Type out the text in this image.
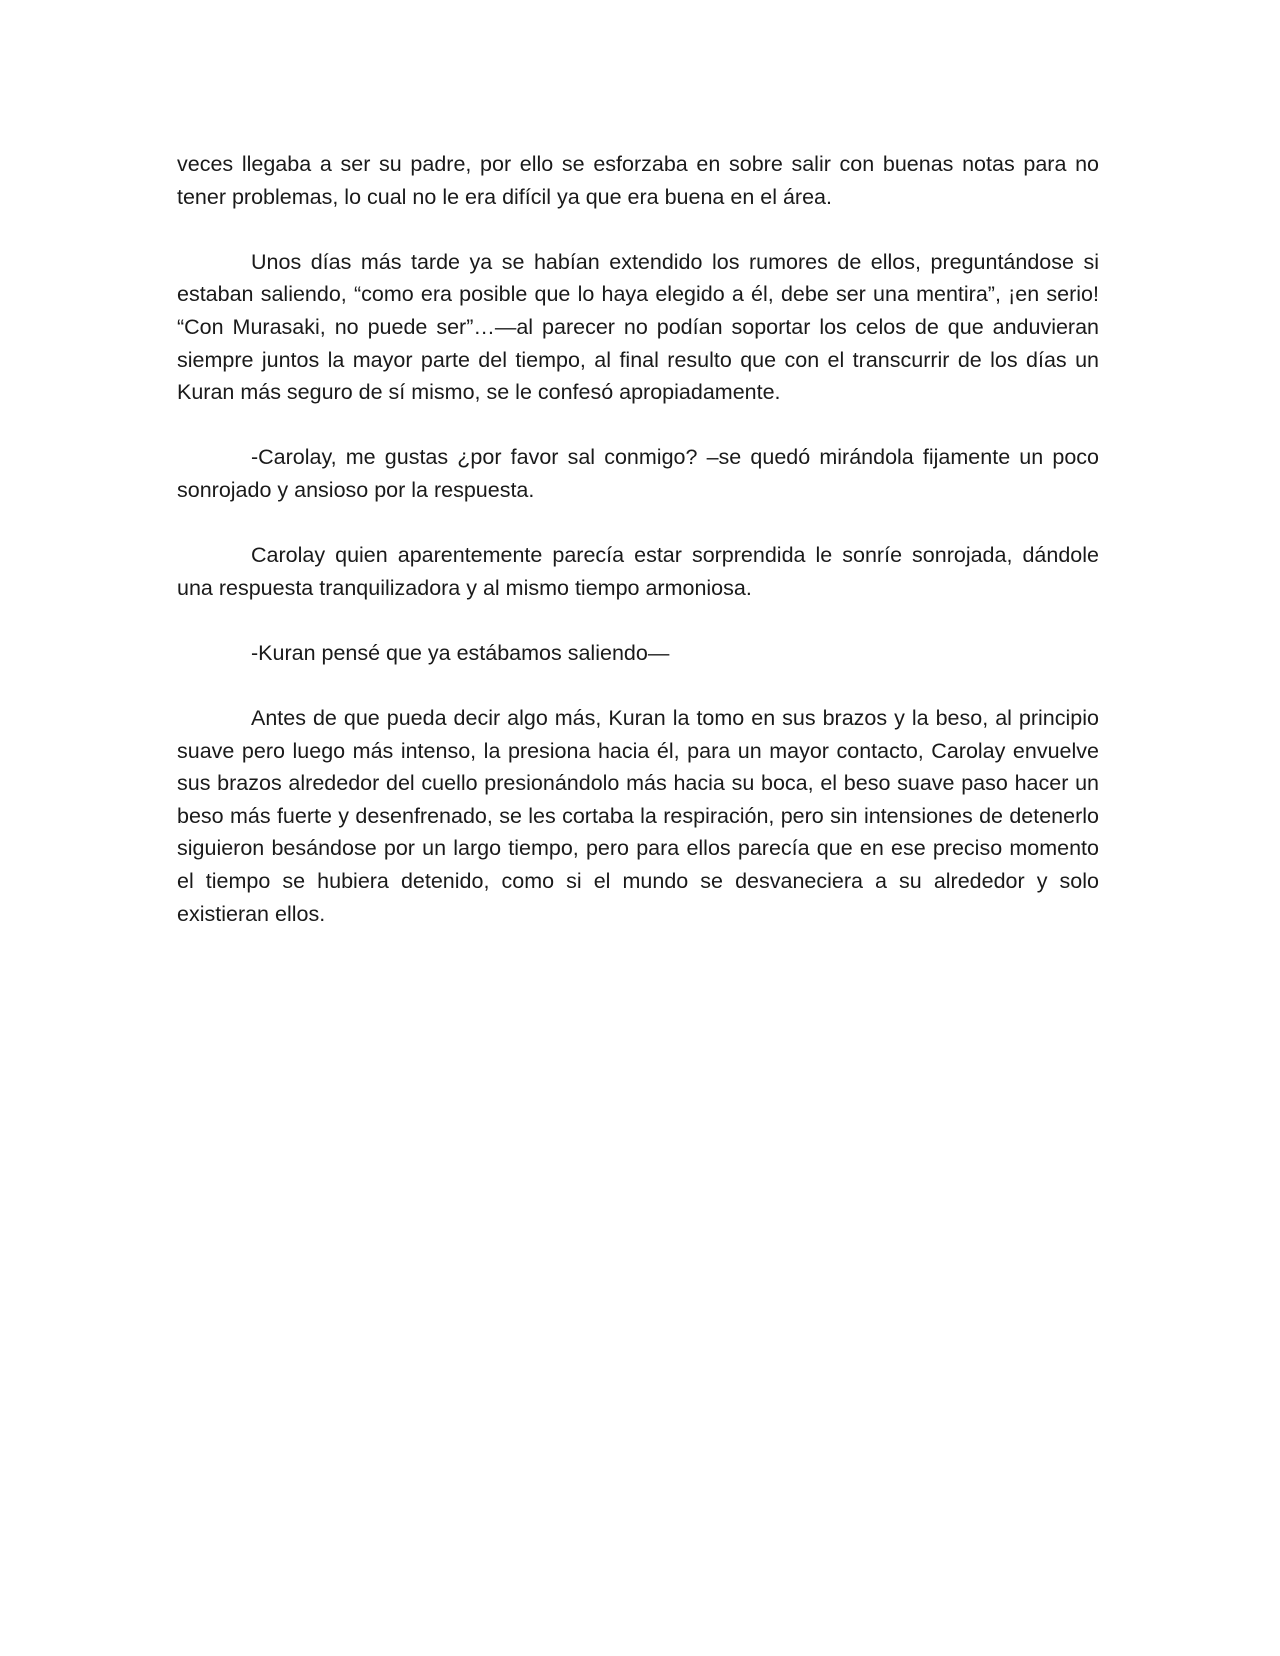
veces llegaba a ser su padre, por ello se esforzaba en sobre salir con buenas notas para no tener problemas, lo cual no le era difícil ya que era buena en el área.

Unos días más tarde ya se habían extendido los rumores de ellos, preguntándose si estaban saliendo, “como era posible que lo haya elegido a él, debe ser una mentira”, ¡en serio! “Con Murasaki, no puede ser”…—al parecer no podían soportar los celos de que anduvieran siempre juntos la mayor parte del tiempo, al final resulto que con el transcurrir de los días un Kuran más seguro de sí mismo, se le confesó apropiadamente.

-Carolay, me gustas ¿por favor sal conmigo? –se quedó mirándola fijamente un poco sonrojado y ansioso por la respuesta.

Carolay quien aparentemente parecía estar sorprendida le sonríe sonrojada, dándole una respuesta tranquilizadora y al mismo tiempo armoniosa.

-Kuran pensé que ya estábamos saliendo—

Antes de que pueda decir algo más, Kuran la tomo en sus brazos y la beso, al principio suave pero luego más intenso, la presiona hacia él, para un mayor contacto, Carolay envuelve sus brazos alrededor del cuello presionándolo más hacia su boca, el beso suave paso hacer un beso más fuerte y desenfrenado, se les cortaba la respiración, pero sin intensiones de detenerlo siguieron besándose por un largo tiempo, pero para ellos parecía que en ese preciso momento el tiempo se hubiera detenido, como si el mundo se desvaneciera a su alrededor y solo existieran ellos.
